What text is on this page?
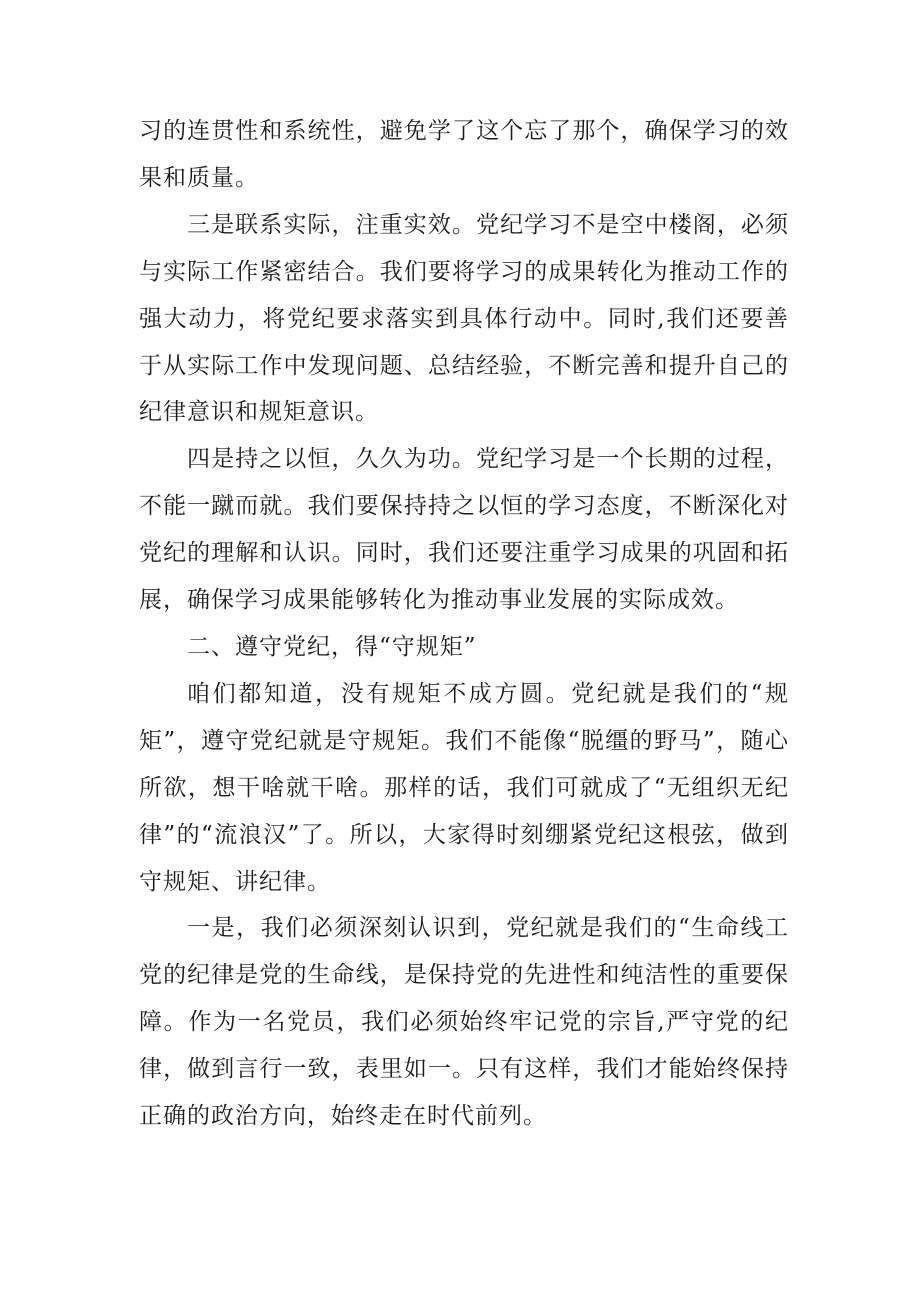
习的连贯性和系统性，避免学了这个忘了那个，确保学习的效果和质量。

三是联系实际，注重实效。党纪学习不是空中楼阁，必须与实际工作紧密结合。我们要将学习的成果转化为推动工作的强大动力，将党纪要求落实到具体行动中。同时,我们还要善于从实际工作中发现问题、总结经验，不断完善和提升自己的纪律意识和规矩意识。

四是持之以恒，久久为功。党纪学习是一个长期的过程，不能一蹴而就。我们要保持持之以恒的学习态度，不断深化对党纪的理解和认识。同时，我们还要注重学习成果的巩固和拓展，确保学习成果能够转化为推动事业发展的实际成效。

二、遵守党纪，得“守规矩”

咱们都知道，没有规矩不成方圆。党纪就是我们的“规矩”，遵守党纪就是守规矩。我们不能像“脱缰的野马”，随心所欲，想干啥就干啥。那样的话，我们可就成了“无组织无纪律”的“流浪汉”了。所以，大家得时刻绷紧党纪这根弦，做到守规矩、讲纪律。

一是，我们必须深刻认识到，党纪就是我们的“生命线工党的纪律是党的生命线，是保持党的先进性和纯洁性的重要保障。作为一名党员，我们必须始终牢记党的宗旨,严守党的纪律，做到言行一致，表里如一。只有这样，我们才能始终保持正确的政治方向，始终走在时代前列。
